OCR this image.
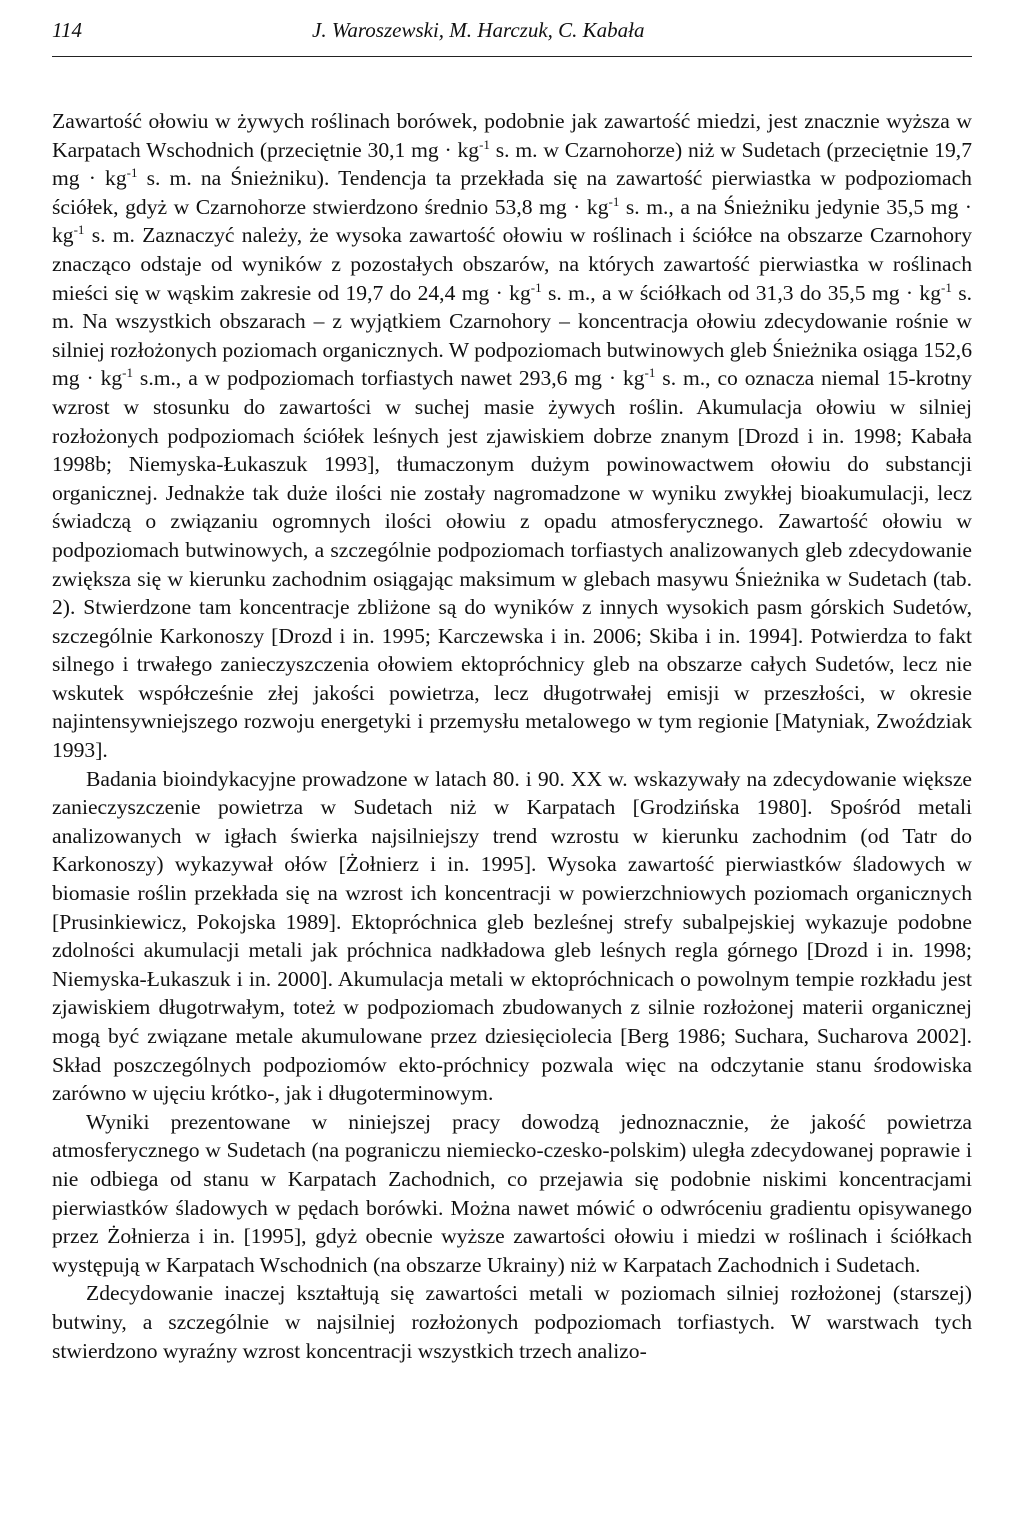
114	J. Waroszewski, M. Harczuk, C. Kabała

Zawartość ołowiu w żywych roślinach borówek, podobnie jak zawartość miedzi, jest znacznie wyższa w Karpatach Wschodnich (przeciętnie 30,1 mg · $kg^{-1}$ s. m. w Czarnohorze) niż w Sudetach (przeciętnie 19,7 mg · $kg^{-1}$ s. m. na Śnieżniku). Tendencja ta przekłada się na zawartość pierwiastka w podpoziomach ściółek, gdyż w Czarnohorze stwierdzono średnio 53,8 mg · $kg^{-1}$ s. m., a na Śnieżniku jedynie 35,5 mg · $kg^{-1}$ s. m. Zaznaczyć należy, że wysoka zawartość ołowiu w roślinach i ściółce na obszarze Czarnohory znacząco odstaje od wyników z pozostałych obszarów, na których zawartość pierwiastka w roślinach mieści się w wąskim zakresie od 19,7 do 24,4 mg · $kg^{-1}$ s. m., a w ściółkach od 31,3 do 35,5 mg · $kg^{-1}$ s. m. Na wszystkich obszarach – z wyjątkiem Czarnohory – koncentracja ołowiu zdecydowanie rośnie w silniej rozłożonych poziomach organicznych. W podpoziomach butwinowych gleb Śnieżnika osiąga 152,6 mg · $kg^{-1}$ s.m., a w podpoziomach torfiastych nawet 293,6 mg · $kg^{-1}$ s. m., co oznacza niemal 15-krotny wzrost w stosunku do zawartości w suchej masie żywych roślin. Akumulacja ołowiu w silniej rozłożonych podpoziomach ściółek leśnych jest zjawiskiem dobrze znanym [Drozd i in. 1998; Kabała 1998b; Niemyska-Łukaszuk 1993], tłumaczonym dużym powinowactwem ołowiu do substancji organicznej. Jednakże tak duże ilości nie zostały nagromadzone w wyniku zwykłej bioakumulacji, lecz świadczą o związaniu ogromnych ilości ołowiu z opadu atmosferycznego. Zawartość ołowiu w podpoziomach butwinowych, a szczególnie podpoziomach torfiastych analizowanych gleb zdecydowanie zwiększa się w kierunku zachodnim osiągając maksimum w glebach masywu Śnieżnika w Sudetach (tab. 2). Stwierdzone tam koncentracje zbliżone są do wyników z innych wysokich pasm górskich Sudetów, szczególnie Karkonoszy [Drozd i in. 1995; Karczewska i in. 2006; Skiba i in. 1994]. Potwierdza to fakt silnego i trwałego zanieczyszczenia ołowiem ektopróchnicy gleb na obszarze całych Sudetów, lecz nie wskutek współcześnie złej jakości powietrza, lecz długotrwałej emisji w przeszłości, w okresie najintensywniejszego rozwoju energetyki i przemysłu metalowego w tym regionie [Matyniak, Zwoździak 1993].

Badania bioindykacyjne prowadzone w latach 80. i 90. XX w. wskazywały na zdecydowanie większe zanieczyszczenie powietrza w Sudetach niż w Karpatach [Grodzińska 1980]. Spośród metali analizowanych w igłach świerka najsilniejszy trend wzrostu w kierunku zachodnim (od Tatr do Karkonoszy) wykazywał ołów [Żołnierz i in. 1995]. Wysoka zawartość pierwiastków śladowych w biomasie roślin przekłada się na wzrost ich koncentracji w powierzchniowych poziomach organicznych [Prusinkiewicz, Pokojska 1989]. Ektopróchnica gleb bezleśnej strefy subalpejskiej wykazuje podobne zdolności akumulacji metali jak próchnica nadkładowa gleb leśnych regla górnego [Drozd i in. 1998; Niemyska-Łukaszuk i in. 2000]. Akumulacja metali w ektopróchnicach o powolnym tempie rozkładu jest zjawiskiem długotrwałym, toteż w podpoziomach zbudowanych z silnie rozłożonej materii organicznej mogą być związane metale akumulowane przez dziesięciolecia [Berg 1986; Suchara, Sucharova 2002]. Skład poszczególnych podpoziomów ekto-próchnicy pozwala więc na odczytanie stanu środowiska zarówno w ujęciu krótko-, jak i długoterminowym.

Wyniki prezentowane w niniejszej pracy dowodzą jednoznacznie, że jakość powietrza atmosferycznego w Sudetach (na pograniczu niemiecko-czesko-polskim) uległa zdecydowanej poprawie i nie odbiega od stanu w Karpatach Zachodnich, co przejawia się podobnie niskimi koncentracjami pierwiastków śladowych w pędach borówki. Można nawet mówić o odwróceniu gradientu opisywanego przez Żołnierza i in. [1995], gdyż obecnie wyższe zawartości ołowiu i miedzi w roślinach i ściółkach występują w Karpatach Wschodnich (na obszarze Ukrainy) niż w Karpatach Zachodnich i Sudetach.

Zdecydowanie inaczej kształtują się zawartości metali w poziomach silniej rozłożonej (starszej) butwiny, a szczególnie w najsilniej rozłożonych podpoziomach torfiastych. W warstwach tych stwierdzono wyraźny wzrost koncentracji wszystkich trzech analizo-
